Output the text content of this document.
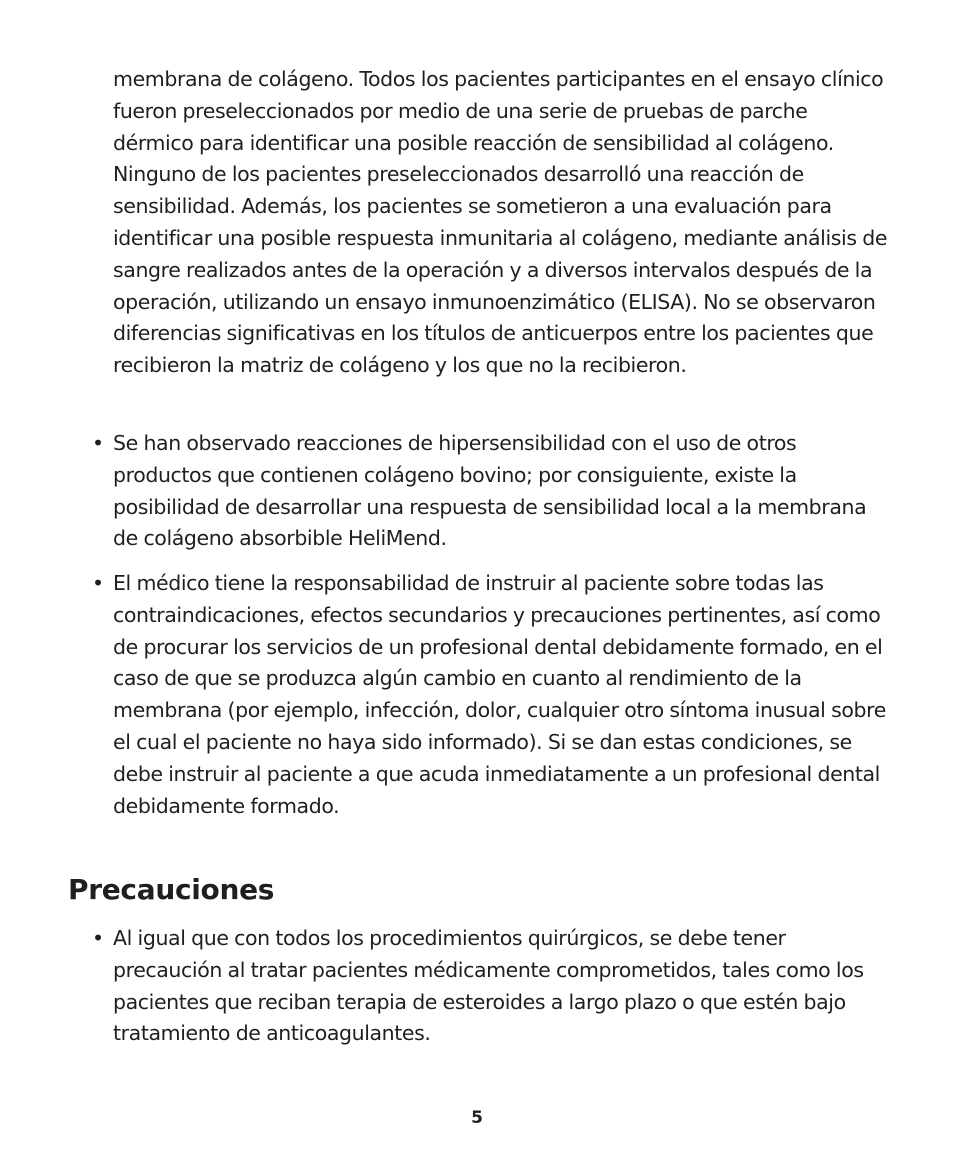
membrana de colágeno. Todos los pacientes participantes en el ensayo clínico fueron preseleccionados por medio de una serie de pruebas de parche dérmico para identificar una posible reacción de sensibilidad al colágeno. Ninguno de los pacientes preseleccionados desarrolló una reacción de sensibilidad. Además, los pacientes se sometieron a una evaluación para identificar una posible respuesta inmunitaria al colágeno, mediante análisis de sangre realizados antes de la operación y a diversos intervalos después de la operación, utilizando un ensayo inmunoenzimático (ELISA). No se observaron diferencias significativas en los títulos de anticuerpos entre los pacientes que recibieron la matriz de colágeno y los que no la recibieron.

• Se han observado reacciones de hipersensibilidad con el uso de otros productos que contienen colágeno bovino; por consiguiente, existe la posibilidad de desarrollar una respuesta de sensibilidad local a la membrana de colágeno absorbible HeliMend.

• El médico tiene la responsabilidad de instruir al paciente sobre todas las contraindicaciones, efectos secundarios y precauciones pertinentes, así como de procurar los servicios de un profesional dental debidamente formado, en el caso de que se produzca algún cambio en cuanto al rendimiento de la membrana (por ejemplo, infección, dolor, cualquier otro síntoma inusual sobre el cual el paciente no haya sido informado). Si se dan estas condiciones, se debe instruir al paciente a que acuda inmediatamente a un profesional dental debidamente formado.

Precauciones
• Al igual que con todos los procedimientos quirúrgicos, se debe tener precaución al tratar pacientes médicamente comprometidos, tales como los pacientes que reciban terapia de esteroides a largo plazo o que estén bajo tratamiento de anticoagulantes.

5
